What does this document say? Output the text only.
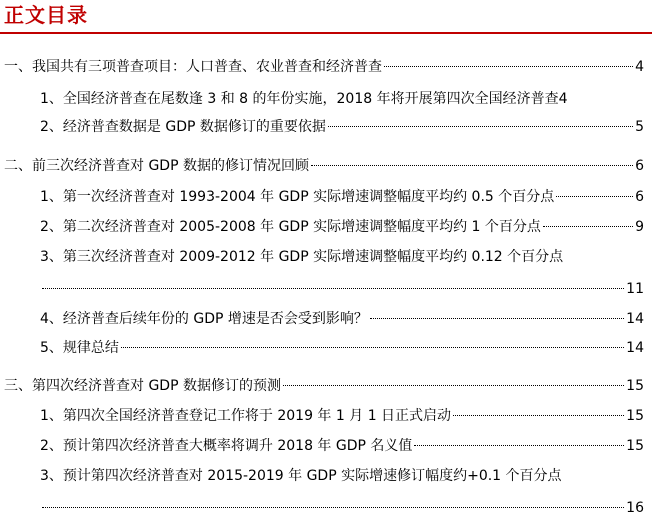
正文目录
一、我国共有三项普查项目：人口普查、农业普查和经济普查	4
1、全国经济普查在尾数逢 3 和 8 的年份实施，2018 年将开展第四次全国经济普查 4
2、经济普查数据是 GDP 数据修订的重要依据	5
二、前三次经济普查对 GDP 数据的修订情况回顾	6
1、第一次经济普查对 1993-2004 年 GDP 实际增速调整幅度平均约 0.5 个百分点	6
2、第二次经济普查对 2005-2008 年 GDP 实际增速调整幅度平均约 1 个百分点	9
3、第三次经济普查对 2009-2012 年 GDP 实际增速调整幅度平均约 0.12 个百分点
11
4、经济普查后续年份的 GDP 增速是否会受到影响？	14
5、规律总结	14
三、第四次经济普查对 GDP 数据修订的预测	15
1、第四次全国经济普查登记工作将于 2019 年 1 月 1 日正式启动	15
2、预计第四次经济普查大概率将调升 2018 年 GDP 名义值	15
3、预计第四次经济普查对 2015-2019 年 GDP 实际增速修订幅度约+0.1 个百分点
16
